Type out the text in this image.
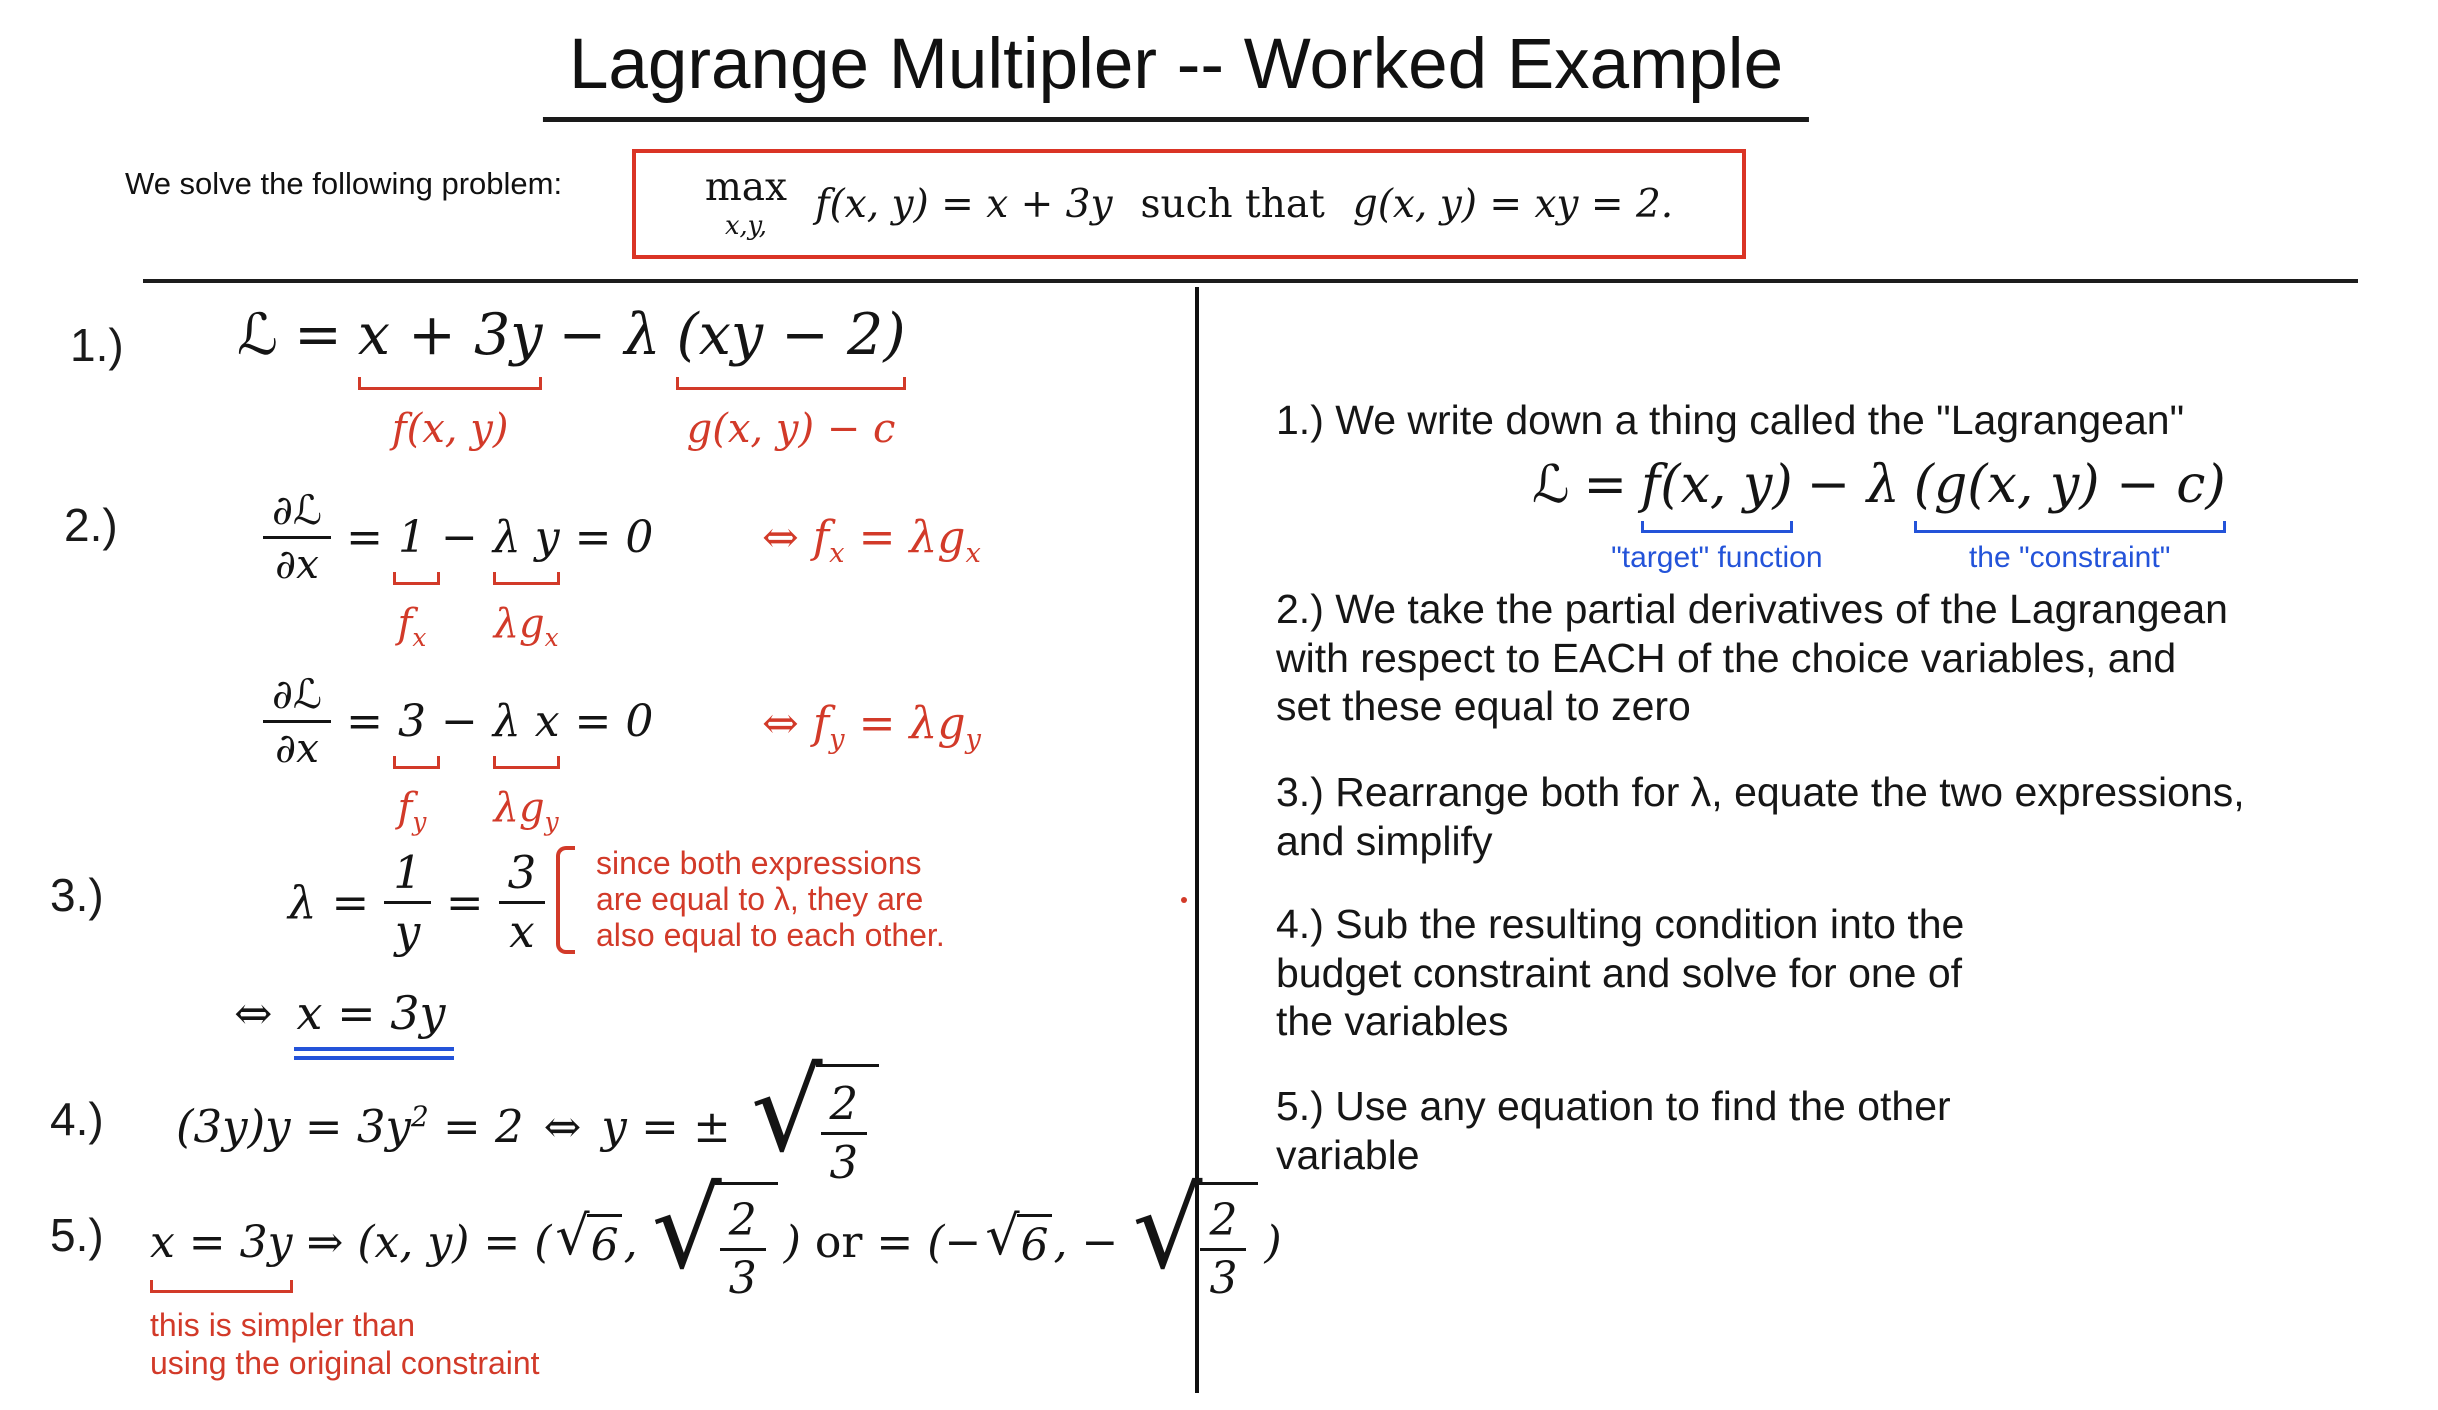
Lagrange Multipler -- Worked Example
We solve the following problem:	max
x,y, f(x, y) = x + 3y such that g(x, y) = xy = 2.
1.) ℒ = x + 3y
f(x, y)
− λ (xy − 2)
g(x, y) − c
2.)	$\frac{\text{∂ℒ}}{\partial x} = 1$
$f_x$
− λ y
$\lambda g_x$
= 0 ⇔ $f_x = \lambda g_x$
$\frac{\text{∂ℒ}}{\partial x} = 3$
$f_y$
− λ x
$\lambda g_y$
= 0 ⇔ $f_y = \lambda g_y$
3.)	$\lambda = \frac{1}{y} = \frac{3}{x}$ since both expressions
are equal to λ, they are
also equal to each other.
⇔ x = 3y
4.) $(3y)y = 3y^2 = 2$ ⇔ y = ± √
$\frac{2}{3}$
5.) x = 3y ⇒ (x, y) = ( √ 6 , √
$\frac{2}{3}$ ) or = (− √ 6 , − √
$\frac{2}{3}$ )
this is simpler than
using the original constraint
1.) We write down a thing called the "Lagrangean"
ℒ = f(x, y)
"target" function
− λ (g(x, y) − c)
the "constraint"
2.) We take the partial derivatives of the Lagrangean
with respect to EACH of the choice variables, and
set these equal to zero
3.) Rearrange both for λ, equate the two expressions,
and simplify
4.) Sub the resulting condition into the
budget constraint and solve for one of
the variables
5.) Use any equation to find the other
variable
